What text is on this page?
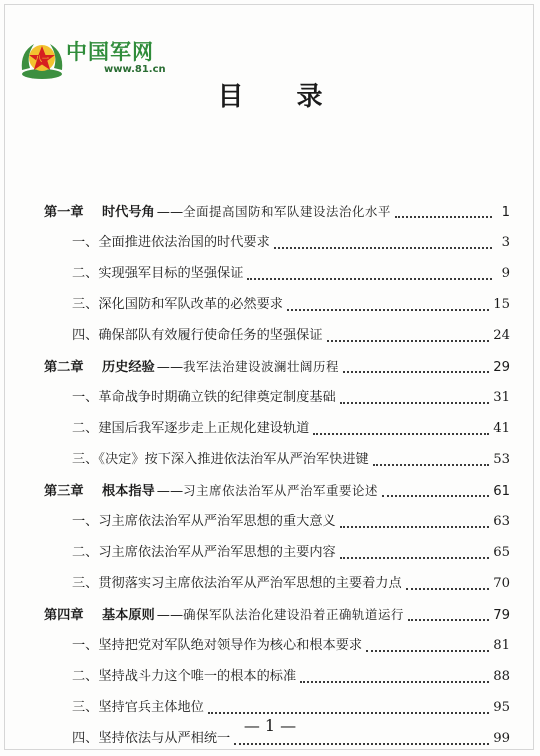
八一 中国军网
www.81.cn
目 录
第一章	时代号角 —— 全面提高国防和军队建设法治化水平	1
一、全面推进依法治国的时代要求	3
二、实现强军目标的坚强保证	9
三、深化国防和军队改革的必然要求	15
四、确保部队有效履行使命任务的坚强保证	24
第二章	历史经验 —— 我军法治建设波澜壮阔历程	29
一、革命战争时期确立铁的纪律奠定制度基础	31
二、建国后我军逐步走上正规化建设轨道	41
三、《决定》按下深入推进依法治军从严治军快进键	53
第三章	根本指导 —— 习主席依法治军从严治军重要论述	61
一、习主席依法治军从严治军思想的重大意义	63
二、习主席依法治军从严治军思想的主要内容	65
三、贯彻落实习主席依法治军从严治军思想的主要着力点	70
第四章	基本原则 —— 确保军队法治化建设沿着正确轨道运行	79
一、坚持把党对军队绝对领导作为核心和根本要求	81
二、坚持战斗力这个唯一的根本的标准	88
三、坚持官兵主体地位	95
四、坚持依法与从严相统一	99
— 1 —
